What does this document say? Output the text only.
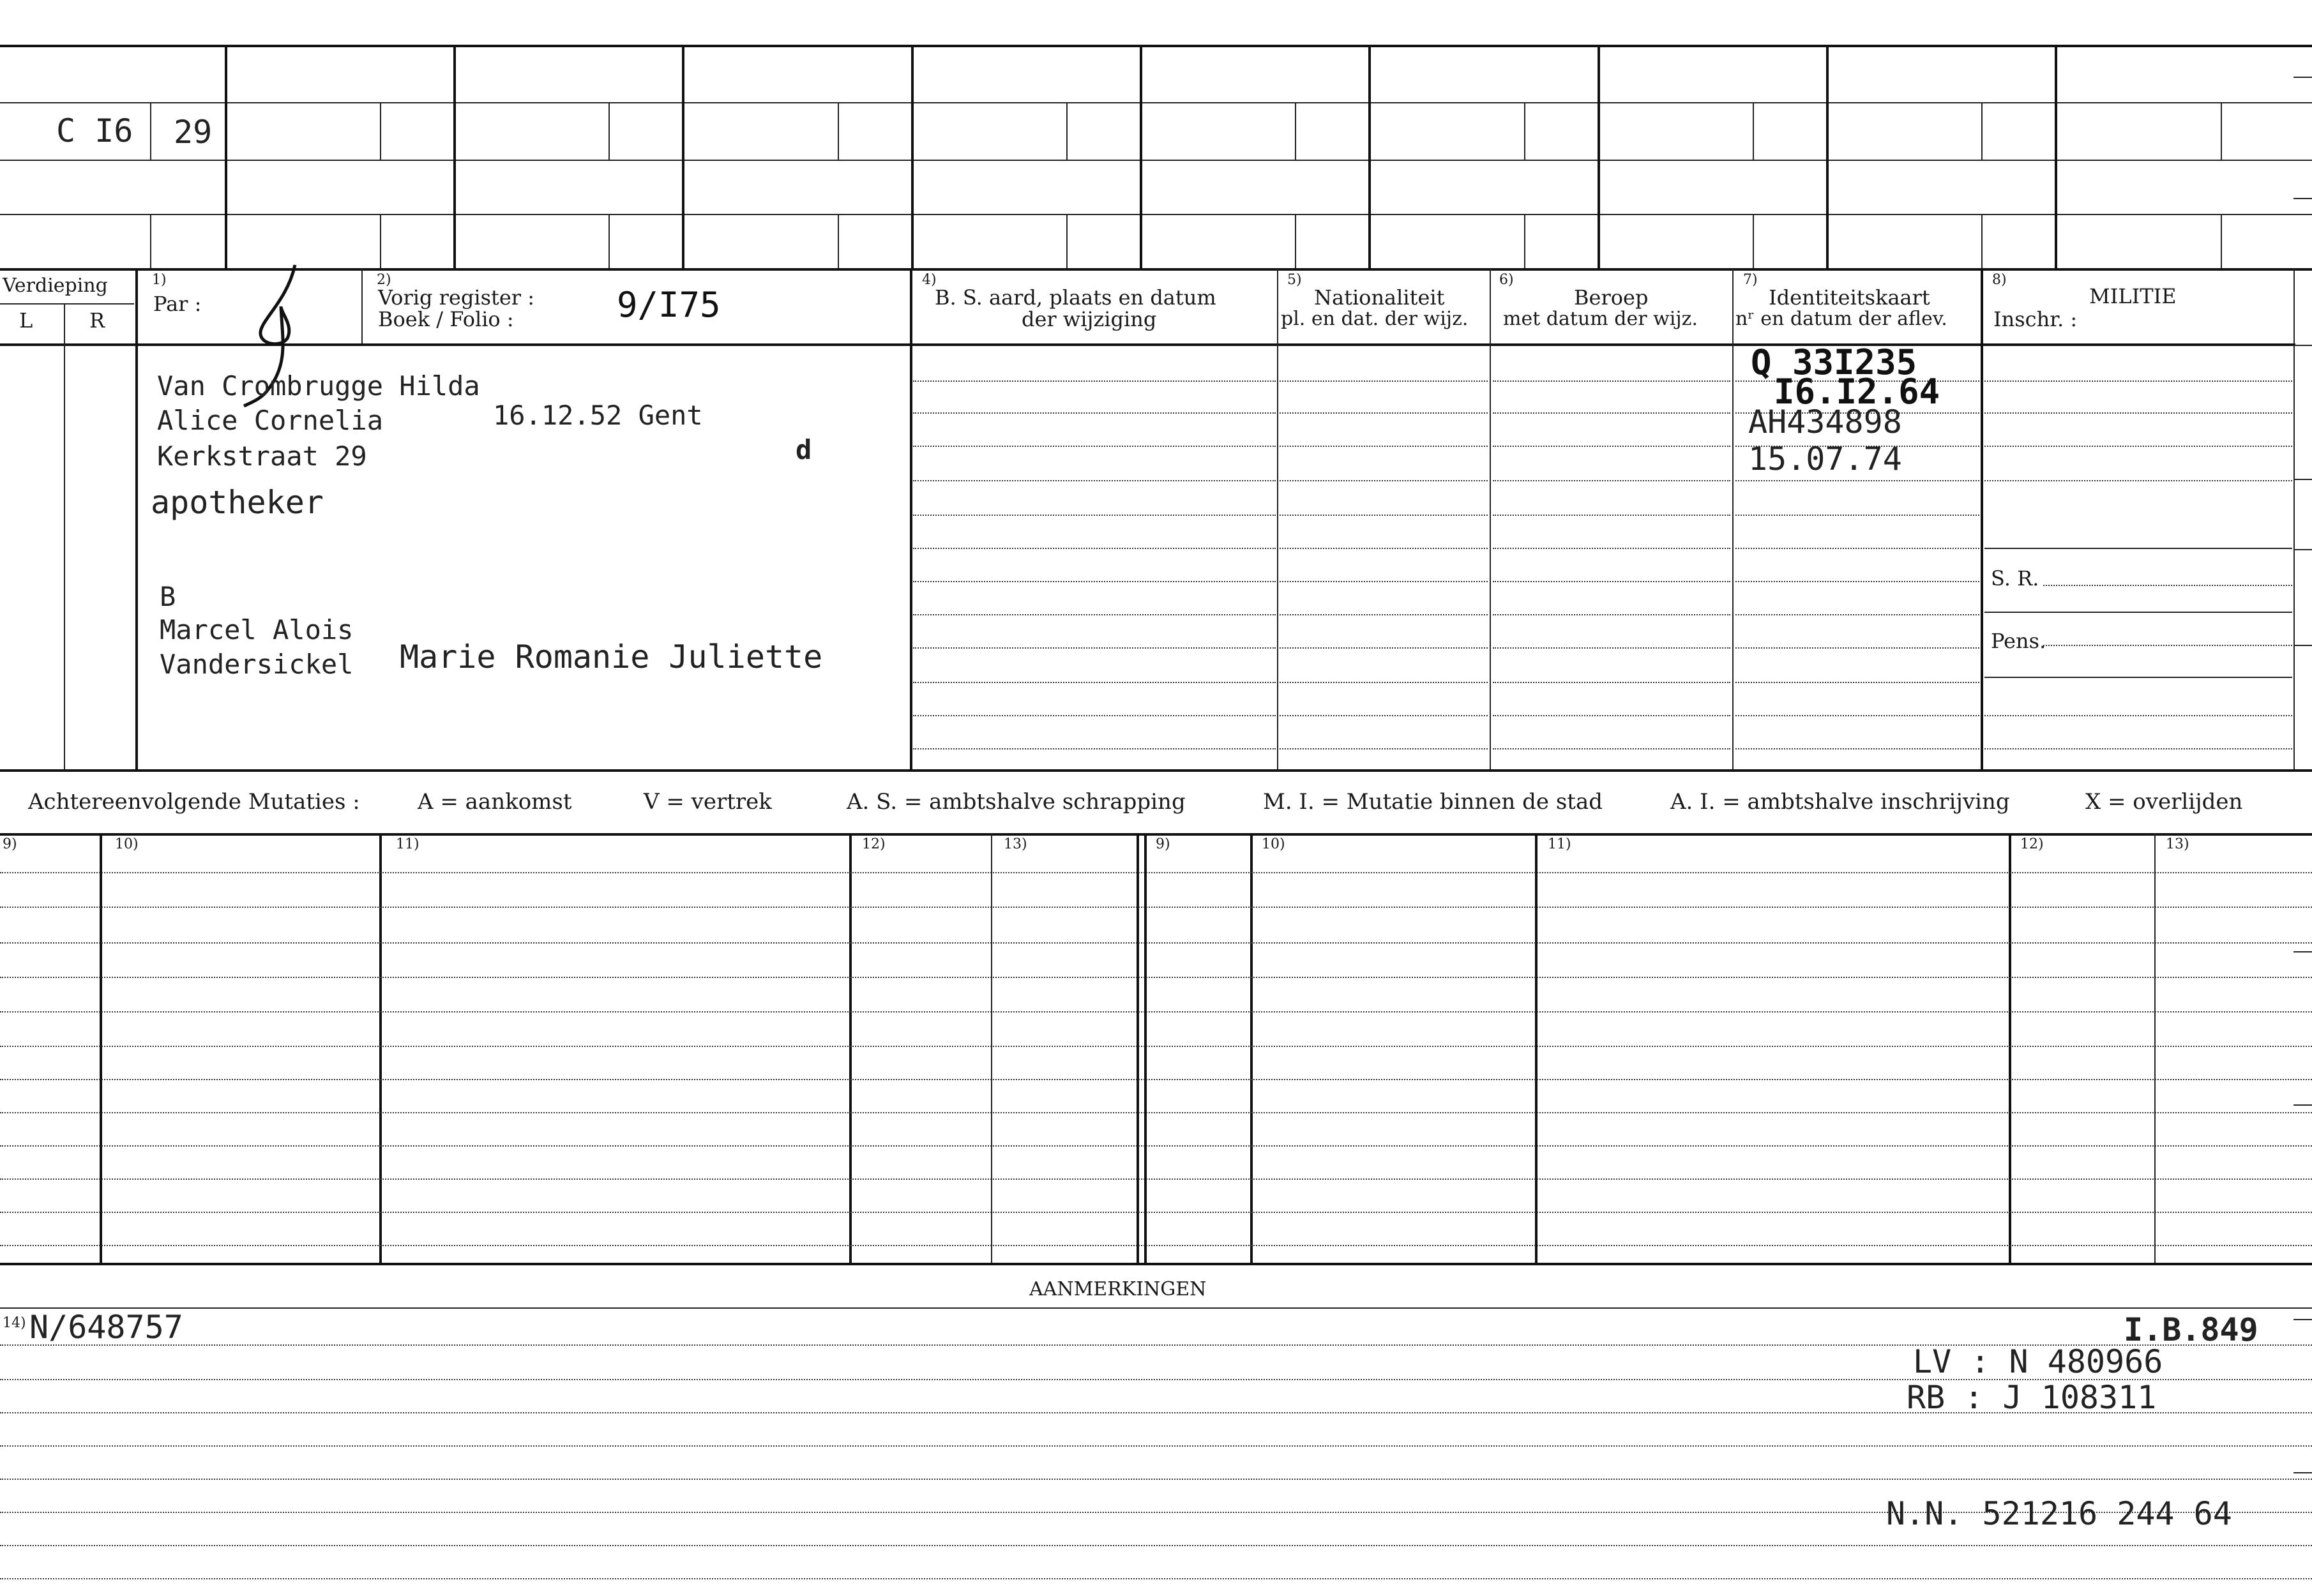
C I6 29
Verdieping
L	R
1)
Par :
2)
Vorig register :
Boek / Folio :	9/I75
4)
B. S. aard, plaats en datum
der wijziging
5)
Nationaliteit
pl. en dat. der wijz.
6)
Beroep
met datum der wijz.
7)
Identiteitskaart
nʳ en datum der aflev.
8)
MILITIE
Inschr. :
S. R.
Pens.
Van Crombrugge Hilda
Alice Cornelia	16.12.52 Gent
Kerkstraat 29	d
apotheker
B
Marcel Alois
Vandersickel Marie Romanie Juliette
Q 33I235
I6.I2.64
AH434898
15.07.74
Achtereenvolgende Mutaties :	A = aankomst	V = vertrek	A. S. = ambtshalve schrapping	M. I. = Mutatie binnen de stad	A. I. = ambtshalve inschrijving	X = overlijden
9)	10)	11)	12)	13)	9)	10)	11)	12)	13)
AANMERKINGEN
14) N/648757	I.B.849
LV : N 480966
RB : J 108311
N.N. 521216 244 64
